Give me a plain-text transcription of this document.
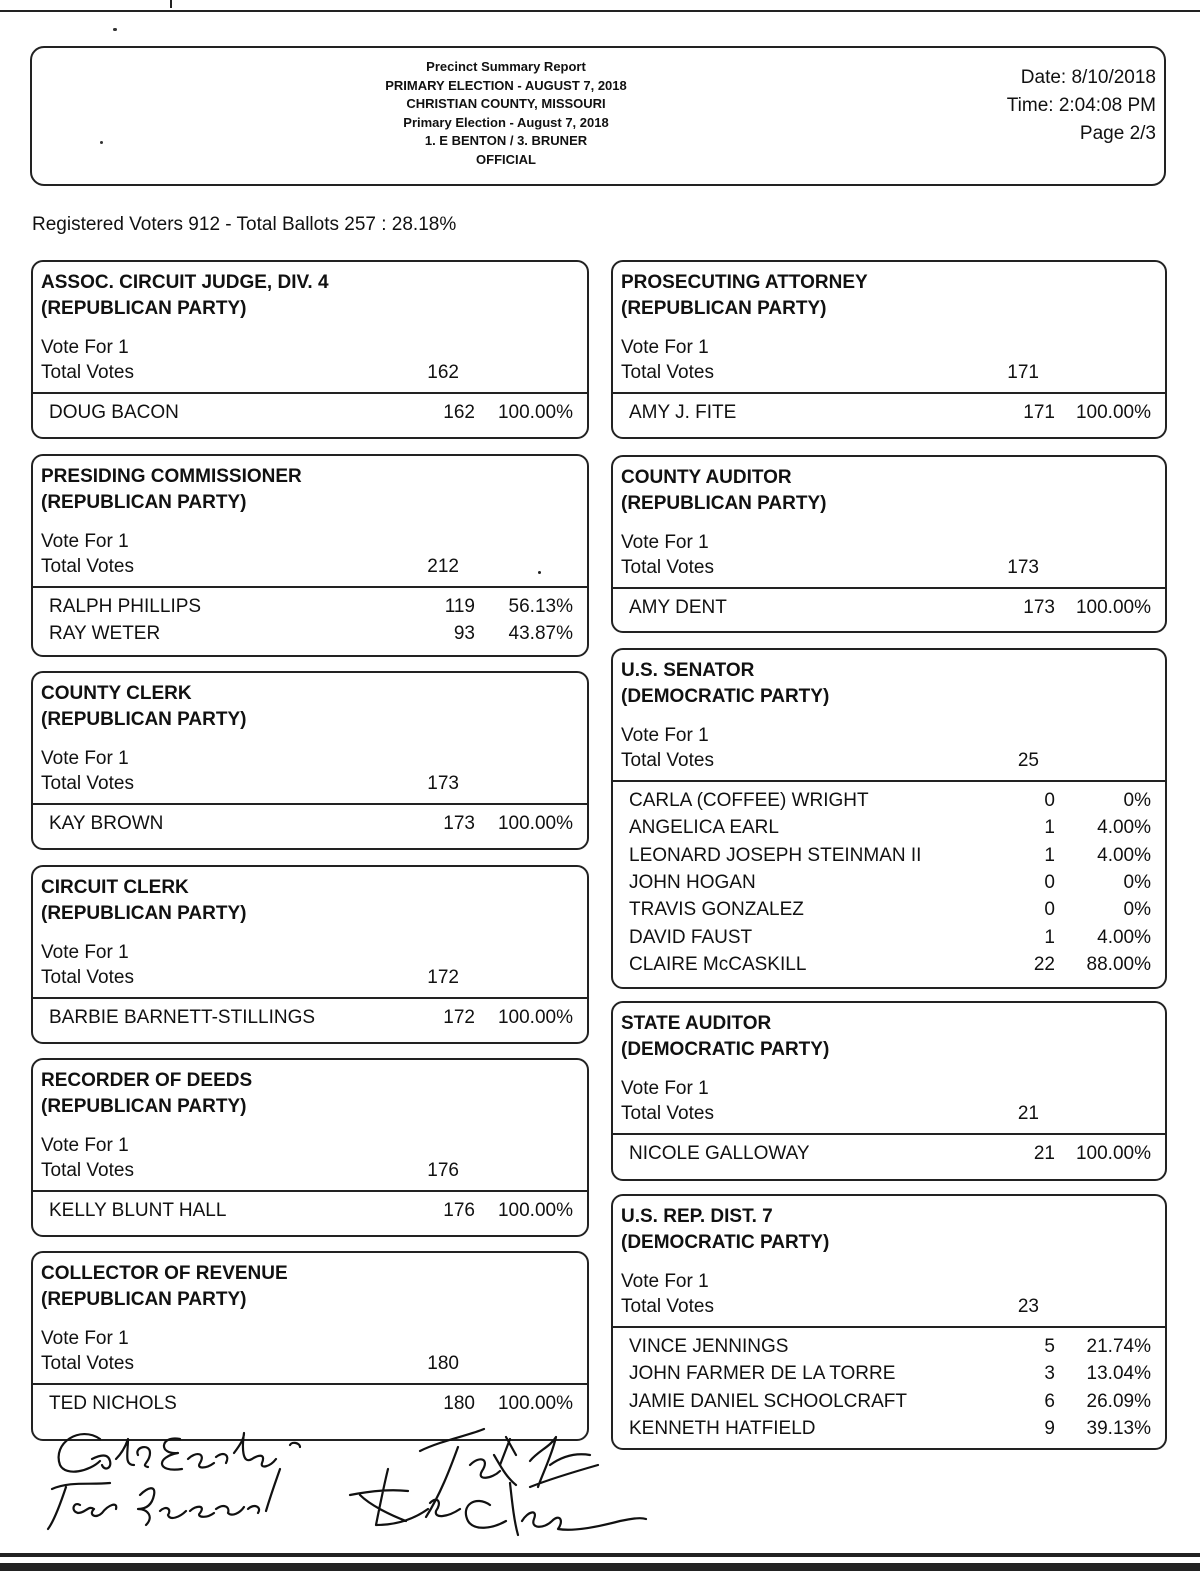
Precinct Summary Report
PRIMARY ELECTION - AUGUST 7, 2018
CHRISTIAN COUNTY, MISSOURI
Primary Election - August 7, 2018
1. E BENTON / 3. BRUNER
OFFICIAL
Date: 8/10/2018
Time: 2:04:08 PM
Page 2/3
Registered Voters 912 - Total Ballots 257 : 28.18%
ASSOC. CIRCUIT JUDGE, DIV. 4
(REPUBLICAN PARTY)
Vote For 1
Total Votes	162
DOUG BACON	162 100.00%
PRESIDING COMMISSIONER
(REPUBLICAN PARTY)
Vote For 1
Total Votes	212
RALPH PHILLIPS	119 56.13%
RAY WETER	93 43.87%
COUNTY CLERK
(REPUBLICAN PARTY)
Vote For 1
Total Votes	173
KAY BROWN	173 100.00%
CIRCUIT CLERK
(REPUBLICAN PARTY)
Vote For 1
Total Votes	172
BARBIE BARNETT-STILLINGS	172 100.00%
RECORDER OF DEEDS
(REPUBLICAN PARTY)
Vote For 1
Total Votes	176
KELLY BLUNT HALL	176 100.00%
COLLECTOR OF REVENUE
(REPUBLICAN PARTY)
Vote For 1
Total Votes	180
TED NICHOLS	180 100.00%
PROSECUTING ATTORNEY
(REPUBLICAN PARTY)
Vote For 1
Total Votes	171
AMY J. FITE	171 100.00%
COUNTY AUDITOR
(REPUBLICAN PARTY)
Vote For 1
Total Votes	173
AMY DENT	173 100.00%
U.S. SENATOR
(DEMOCRATIC PARTY)
Vote For 1
Total Votes	25
CARLA (COFFEE) WRIGHT	0	0%
ANGELICA EARL	1 4.00%
LEONARD JOSEPH STEINMAN II	1 4.00%
JOHN HOGAN	0	0%
TRAVIS GONZALEZ	0	0%
DAVID FAUST	1 4.00%
CLAIRE McCASKILL	22 88.00%
STATE AUDITOR
(DEMOCRATIC PARTY)
Vote For 1
Total Votes	21
NICOLE GALLOWAY	21 100.00%
U.S. REP. DIST. 7
(DEMOCRATIC PARTY)
Vote For 1
Total Votes	23
VINCE JENNINGS	5 21.74%
JOHN FARMER DE LA TORRE	3 13.04%
JAMIE DANIEL SCHOOLCRAFT	6 26.09%
KENNETH HATFIELD	9 39.13%
